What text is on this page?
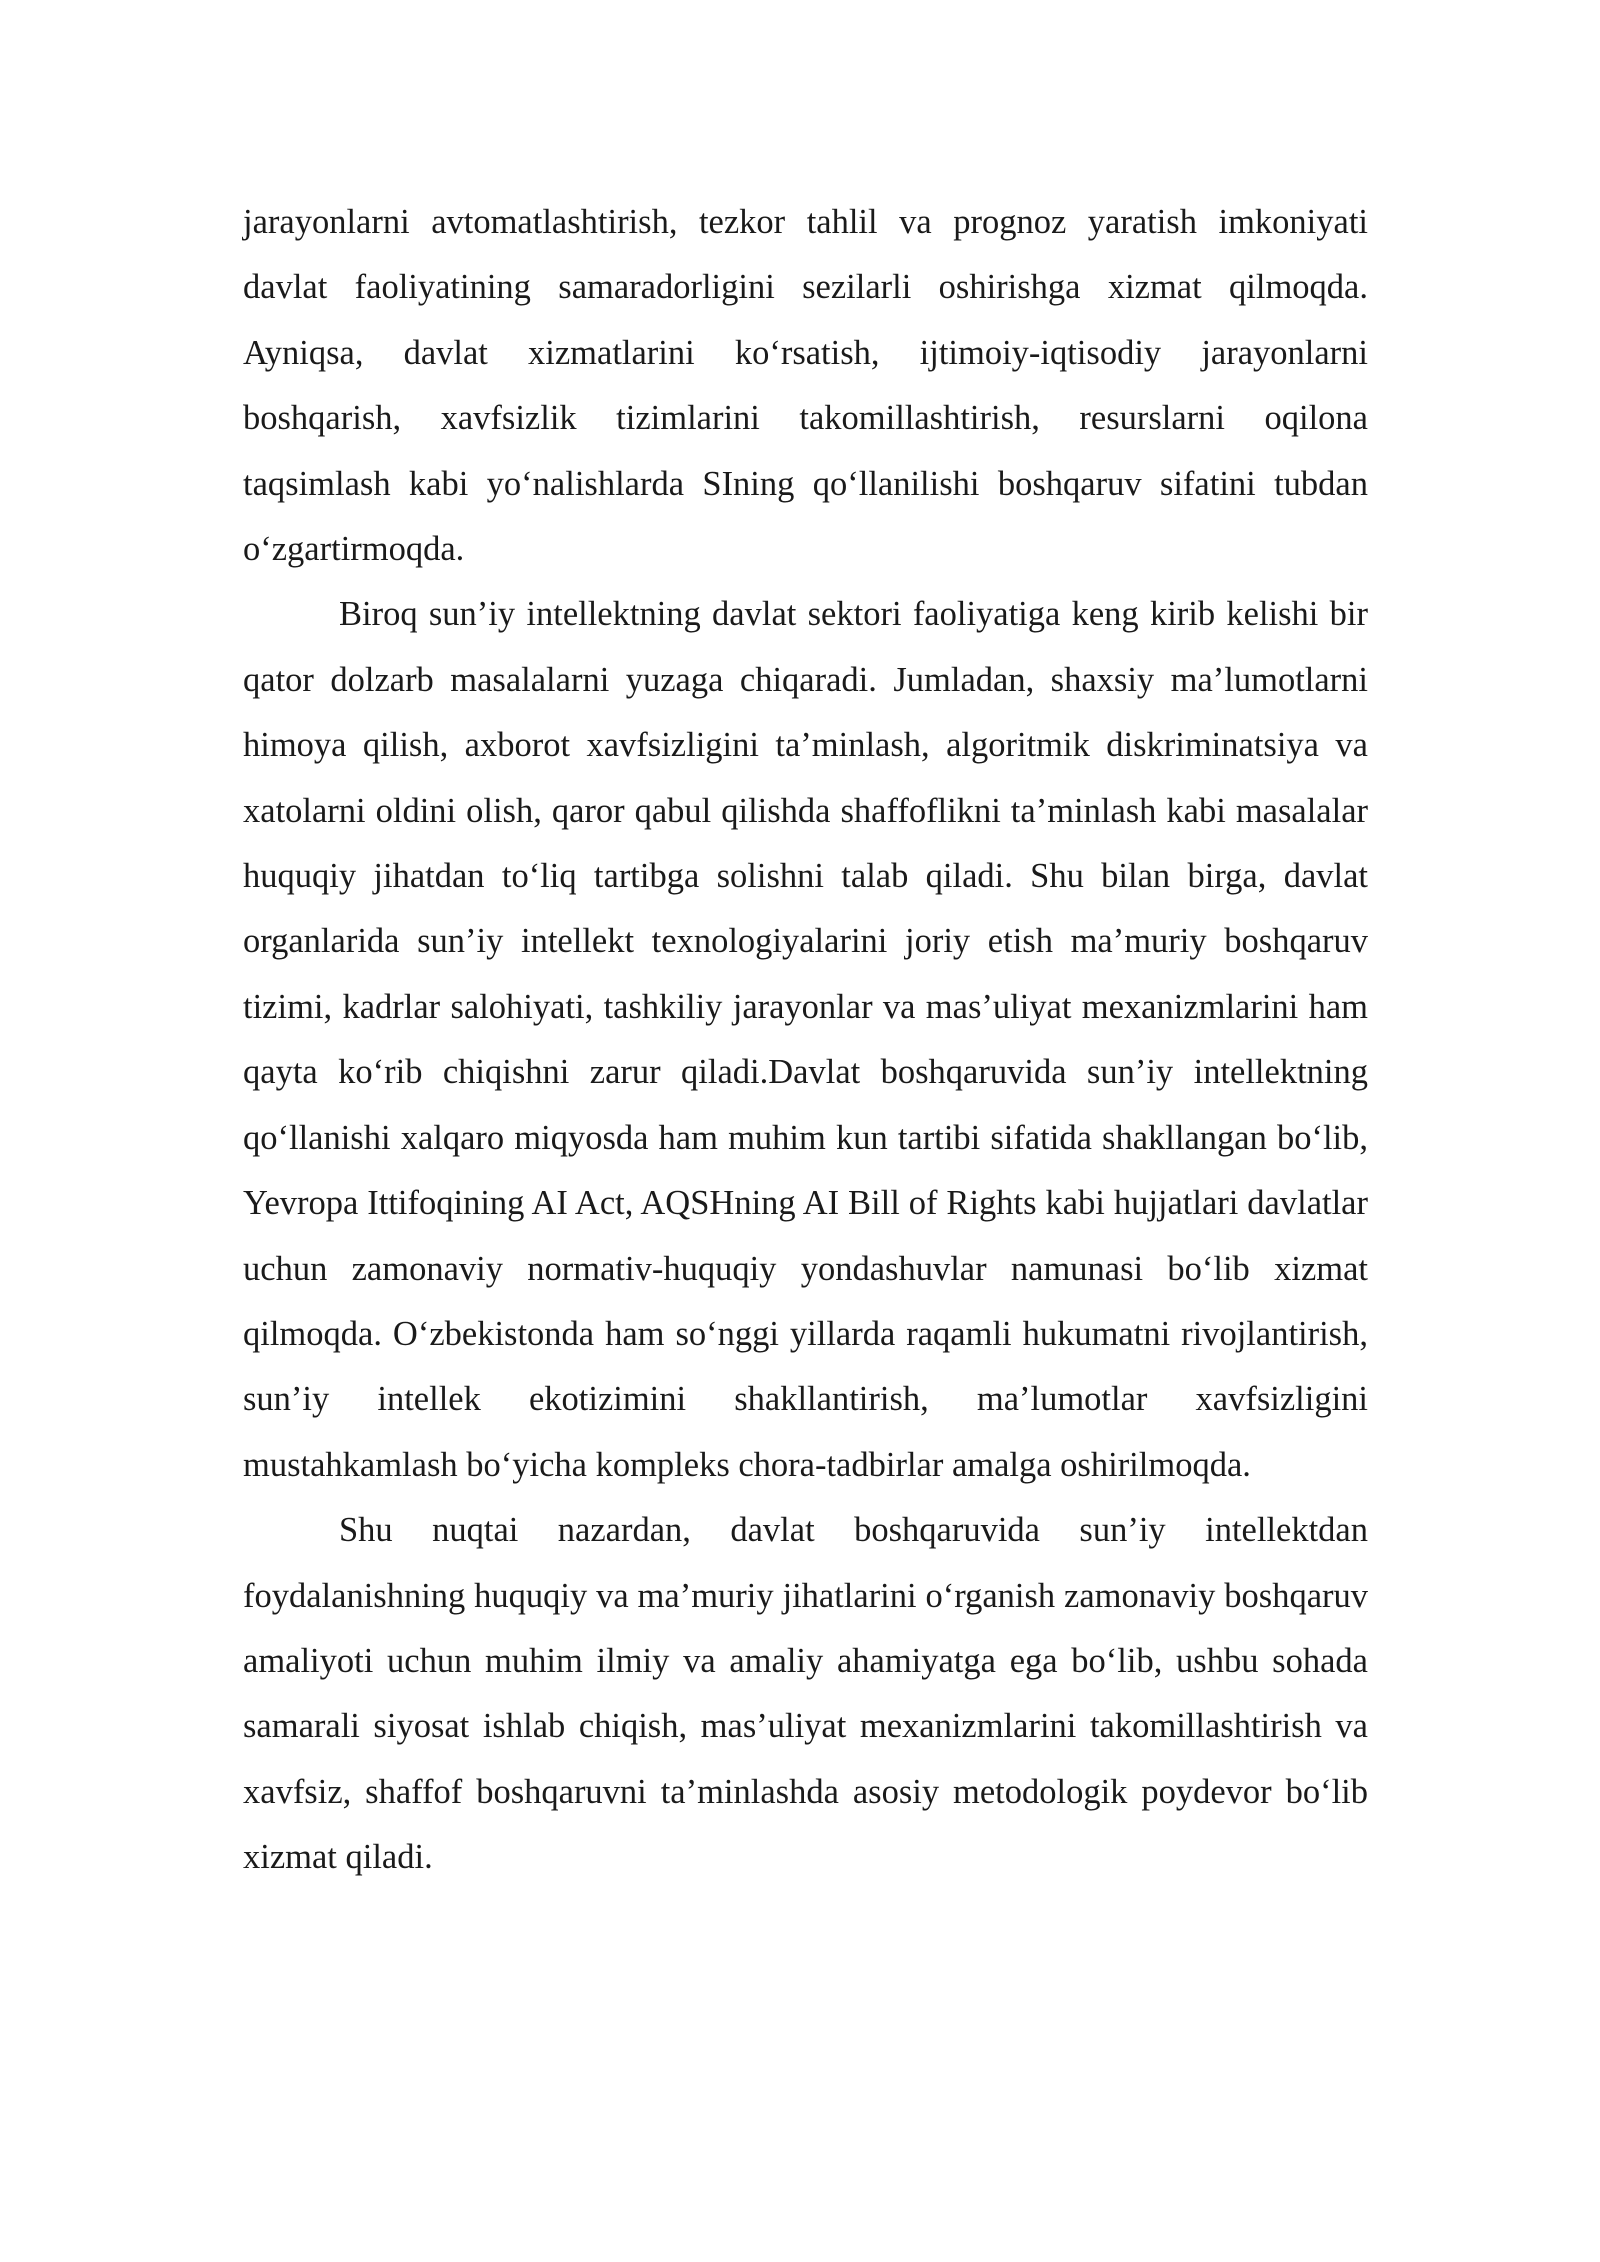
jarayonlarni avtomatlashtirish, tezkor tahlil va prognoz yaratish imkoniyati davlat faoliyatining samaradorligini sezilarli oshirishga xizmat qilmoqda. Ayniqsa, davlat xizmatlarini ko‘rsatish, ijtimoiy-iqtisodiy jarayonlarni boshqarish, xavfsizlik tizimlarini takomillashtirish, resurslarni oqilona taqsimlash kabi yo‘nalishlarda SIning qo‘llanilishi boshqaruv sifatini tubdan o‘zgartirmoqda.

Biroq sun’iy intellektning davlat sektori faoliyatiga keng kirib kelishi bir qator dolzarb masalalarni yuzaga chiqaradi. Jumladan, shaxsiy ma’lumotlarni himoya qilish, axborot xavfsizligini ta’minlash, algoritmik diskriminatsiya va xatolarni oldini olish, qaror qabul qilishda shaffoflikni ta’minlash kabi masalalar huquqiy jihatdan to‘liq tartibga solishni talab qiladi. Shu bilan birga, davlat organlarida sun’iy intellekt texnologiyalarini joriy etish ma’muriy boshqaruv tizimi, kadrlar salohiyati, tashkiliy jarayonlar va mas’uliyat mexanizmlarini ham qayta ko‘rib chiqishni zarur qiladi.Davlat boshqaruvida sun’iy intellektning qo‘llanishi xalqaro miqyosda ham muhim kun tartibi sifatida shakllangan bo‘lib, Yevropa Ittifoqining AI Act, AQSHning AI Bill of Rights kabi hujjatlari davlatlar uchun zamonaviy normativ-huquqiy yondashuvlar namunasi bo‘lib xizmat qilmoqda. O‘zbekistonda ham so‘nggi yillarda raqamli hukumatni rivojlantirish, sun’iy intellek ekotizimini shakllantirish, ma’lumotlar xavfsizligini mustahkamlash bo‘yicha kompleks chora-tadbirlar amalga oshirilmoqda.

Shu nuqtai nazardan, davlat boshqaruvida sun’iy intellektdan foydalanishning huquqiy va ma’muriy jihatlarini o‘rganish zamonaviy boshqaruv amaliyoti uchun muhim ilmiy va amaliy ahamiyatga ega bo‘lib, ushbu sohada samarali siyosat ishlab chiqish, mas’uliyat mexanizmlarini takomillashtirish va xavfsiz, shaffof boshqaruvni ta’minlashda asosiy metodologik poydevor bo‘lib xizmat qiladi.
